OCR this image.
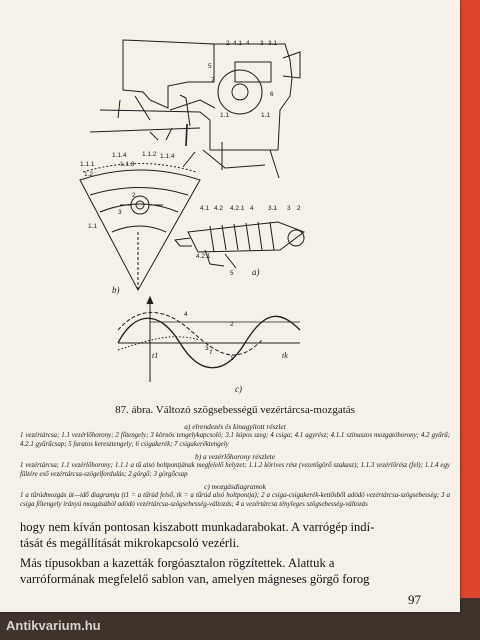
2 4.1 4 3 3.1
5
7
6
1.1	1.1
1.1.1
1.1.4 1.1.2
1.1.3
1.1.4
1.2
2
3
1.1
4.1 4.2 4.2.1 4 3.1 3 2
4.2.1
5
4
2
3
1
a)
b)
c)
t1	tk
t
87. ábra. Változó szögsebességű vezértárcsa-mozgatás
a) elrendezés és kinagyított részlet
1 vezértárcsa; 1.1 vezérlőhorony; 2 főtengely; 3 körnös tengelykapcsoló; 3.1 kúpos szeg; 4 csiga; 4.1 agyrész; 4.1.1 színuszos mozgatóhorony; 4.2 gyűrű; 4.2.1 gyűrűcsap; 5 furatos keresztengely; 6 csigakerék; 7 csigakeréktengely
b) a vezérlőhorony részlete
1 vezértárcsa; 1.1 vezérlőhorony; 1.1.1 a tű alsó holtpontjának megfelelő helyzet; 1.1.2 körives rész (vezetőgörő szakasz); 1.1.3 vezérlőrész (fel); 1.1.4 egy fültére eső vezértárcsa-szögelfordulás; 2 görgő; 3 görgőcsap
c) mozgásdiagramok
1 a tűrúdmozgás út—idő diagramja (t1 = a tűrúd felső, tk = a tűrúd alsó holtpontja); 2 a csiga-csigakerék-kettősből adódó vezértárcsa-szögsebesség; 3 a csiga főtengely irányú mozgásából adódó vezértárcsa-szögsebesség-változás; 4 a vezértárcsa tényleges szögsebesség-változás
hogy nem kíván pontosan kiszabott munkadarabokat. A varrógép indí-
tását és megállítását mikrokapcsoló vezérli.
Más típusokban a kazetták forgóasztalon rögzítettek. Alattuk a
varróformának megfelelő sablon van, amelyen mágneses görgő forog
97
Antikvarium.hu
